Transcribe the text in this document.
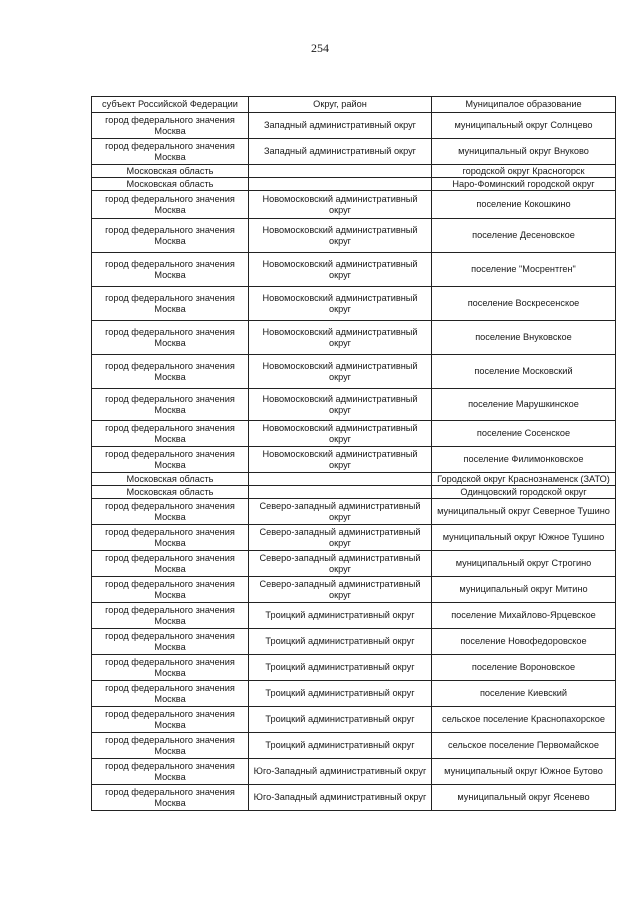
254
субъект Российской Федерации	Округ, район	Муниципалое образование
город федерального значения Москва	Западный административный округ	муниципальный округ Солнцево
город федерального значения Москва	Западный административный округ	муниципальный округ Внуково
Московская область		городской округ Красногорск
Московская область		Наро-Фоминский городской округ
город федерального значения Москва	Новомосковский административный округ	поселение Кокошкино
город федерального значения Москва	Новомосковский административный округ	поселение Десеновское
город федерального значения Москва	Новомосковский административный округ	поселение "Мосрентген"
город федерального значения Москва	Новомосковский административный округ	поселение Воскресенское
город федерального значения Москва	Новомосковский административный округ	поселение Внуковское
город федерального значения Москва	Новомосковский административный округ	поселение Московский
город федерального значения Москва	Новомосковский административный округ	поселение Марушкинское
город федерального значения Москва	Новомосковский административный округ	поселение Сосенское
город федерального значения Москва	Новомосковский административный округ	поселение Филимонковское
Московская область		Городской округ Краснознаменск (ЗАТО)
Московская область		Одинцовский городской округ
город федерального значения Москва	Северо-западный административный округ	муниципальный округ Северное Тушино
город федерального значения Москва	Северо-западный административный округ	муниципальный округ Южное Тушино
город федерального значения Москва	Северо-западный административный округ	муниципальный округ Строгино
город федерального значения Москва	Северо-западный административный округ	муниципальный округ Митино
город федерального значения Москва	Троицкий административный округ	поселение Михайлово-Ярцевское
город федерального значения Москва	Троицкий административный округ	поселение Новофедоровское
город федерального значения Москва	Троицкий административный округ	поселение Вороновское
город федерального значения Москва	Троицкий административный округ	поселение Киевский
город федерального значения Москва	Троицкий административный округ	сельское поселение Краснопахорское
город федерального значения Москва	Троицкий административный округ	сельское поселение Первомайское
город федерального значения Москва	Юго-Западный административный округ	муниципальный округ Южное Бутово
город федерального значения Москва	Юго-Западный административный округ	муниципальный округ Ясенево
